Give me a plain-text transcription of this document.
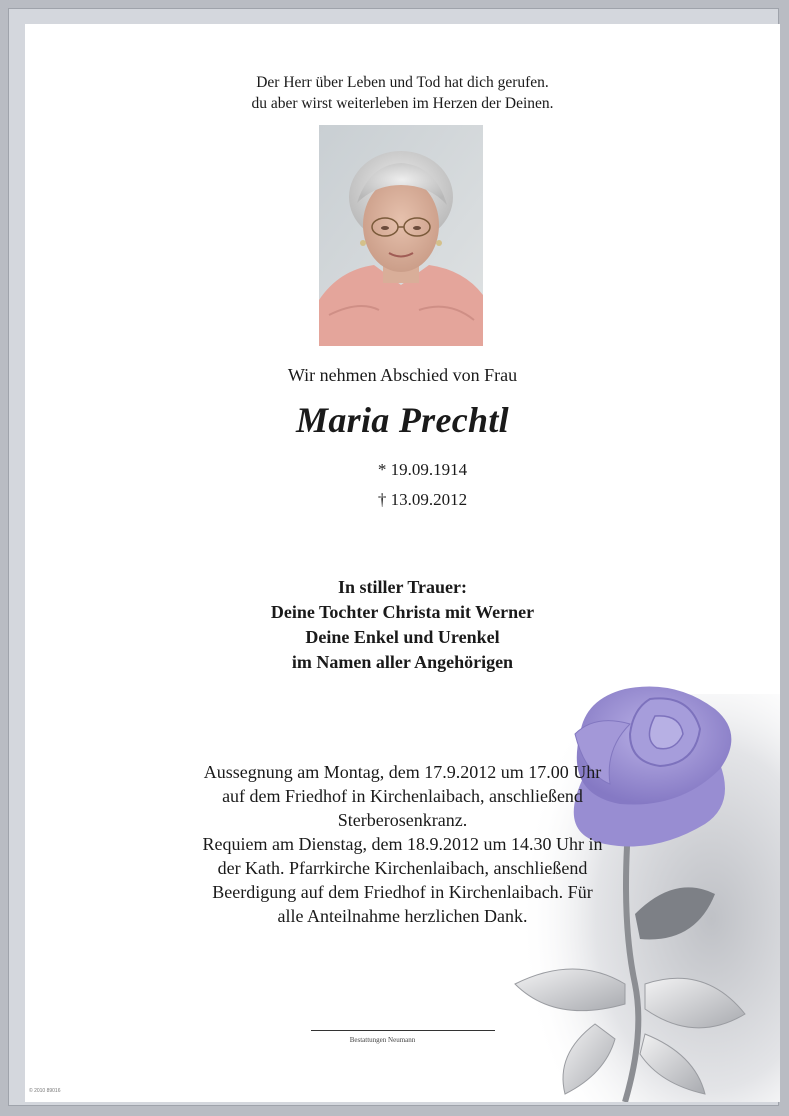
Der Herr über Leben und Tod hat dich gerufen.
du aber wirst weiterleben im Herzen der Deinen.
Wir nehmen Abschied von Frau
Maria Prechtl
* 19.09.1914
† 13.09.2012
In stiller Trauer:
Deine Tochter Christa mit Werner
Deine Enkel und Urenkel
im Namen aller Angehörigen
Aussegnung am Montag, dem 17.9.2012 um 17.00 Uhr
auf dem Friedhof in Kirchenlaibach, anschließend
Sterberosenkranz.
Requiem am Dienstag, dem 18.9.2012 um 14.30 Uhr in
der Kath. Pfarrkirche Kirchenlaibach, anschließend
Beerdigung auf dem Friedhof in Kirchenlaibach. Für
alle Anteilnahme herzlichen Dank.
Bestattungen Neumann
© 2010 89016
